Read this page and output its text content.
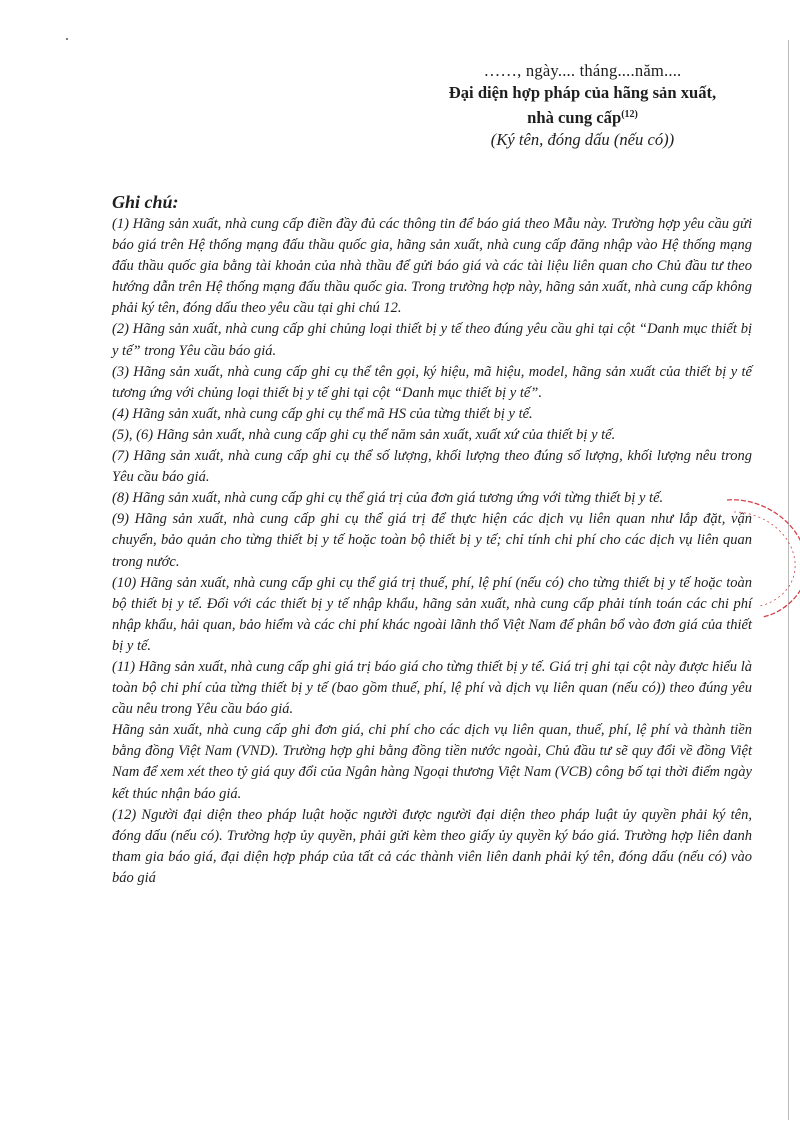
……, ngày.... tháng....năm....
Đại diện hợp pháp của hãng sản xuất,
nhà cung cấp$^{(12)}$
(Ký tên, đóng dấu (nếu có))

Ghi chú:

(1) Hãng sản xuất, nhà cung cấp điền đầy đủ các thông tin để báo giá theo Mẫu này. Trường hợp yêu cầu gửi báo giá trên Hệ thống mạng đấu thầu quốc gia, hãng sản xuất, nhà cung cấp đăng nhập vào Hệ thống mạng đấu thầu quốc gia bằng tài khoản của nhà thầu để gửi báo giá và các tài liệu liên quan cho Chủ đầu tư theo hướng dẫn trên Hệ thống mạng đấu thầu quốc gia. Trong trường hợp này, hãng sản xuất, nhà cung cấp không phải ký tên, đóng dấu theo yêu cầu tại ghi chú 12.

(2) Hãng sản xuất, nhà cung cấp ghi chủng loại thiết bị y tế theo đúng yêu cầu ghi tại cột “Danh mục thiết bị y tế” trong Yêu cầu báo giá.

(3) Hãng sản xuất, nhà cung cấp ghi cụ thể tên gọi, ký hiệu, mã hiệu, model, hãng sản xuất của thiết bị y tế tương ứng với chủng loại thiết bị y tế ghi tại cột “Danh mục thiết bị y tế”.

(4) Hãng sản xuất, nhà cung cấp ghi cụ thể mã HS của từng thiết bị y tế.

(5), (6) Hãng sản xuất, nhà cung cấp ghi cụ thể năm sản xuất, xuất xứ của thiết bị y tế.

(7) Hãng sản xuất, nhà cung cấp ghi cụ thể số lượng, khối lượng theo đúng số lượng, khối lượng nêu trong Yêu cầu báo giá.

(8) Hãng sản xuất, nhà cung cấp ghi cụ thể giá trị của đơn giá tương ứng với từng thiết bị y tế.

(9) Hãng sản xuất, nhà cung cấp ghi cụ thể giá trị để thực hiện các dịch vụ liên quan như lắp đặt, vận chuyển, bảo quản cho từng thiết bị y tế hoặc toàn bộ thiết bị y tế; chỉ tính chi phí cho các dịch vụ liên quan trong nước.

(10) Hãng sản xuất, nhà cung cấp ghi cụ thể giá trị thuế, phí, lệ phí (nếu có) cho từng thiết bị y tế hoặc toàn bộ thiết bị y tế. Đối với các thiết bị y tế nhập khẩu, hãng sản xuất, nhà cung cấp phải tính toán các chi phí nhập khẩu, hải quan, bảo hiểm và các chi phí khác ngoài lãnh thổ Việt Nam để phân bổ vào đơn giá của thiết bị y tế.

(11) Hãng sản xuất, nhà cung cấp ghi giá trị báo giá cho từng thiết bị y tế. Giá trị ghi tại cột này được hiểu là toàn bộ chi phí của từng thiết bị y tế (bao gồm thuế, phí, lệ phí và dịch vụ liên quan (nếu có)) theo đúng yêu cầu nêu trong Yêu cầu báo giá.

Hãng sản xuất, nhà cung cấp ghi đơn giá, chi phí cho các dịch vụ liên quan, thuế, phí, lệ phí và thành tiền bằng đồng Việt Nam (VND). Trường hợp ghi bằng đồng tiền nước ngoài, Chủ đầu tư sẽ quy đổi về đồng Việt Nam để xem xét theo tỷ giá quy đổi của Ngân hàng Ngoại thương Việt Nam (VCB) công bố tại thời điểm ngày kết thúc nhận báo giá.

(12) Người đại diện theo pháp luật hoặc người được người đại diện theo pháp luật ủy quyền phải ký tên, đóng dấu (nếu có). Trường hợp ủy quyền, phải gửi kèm theo giấy ủy quyền ký báo giá. Trường hợp liên danh tham gia báo giá, đại diện hợp pháp của tất cả các thành viên liên danh phải ký tên, đóng dấu (nếu có) vào báo giá
